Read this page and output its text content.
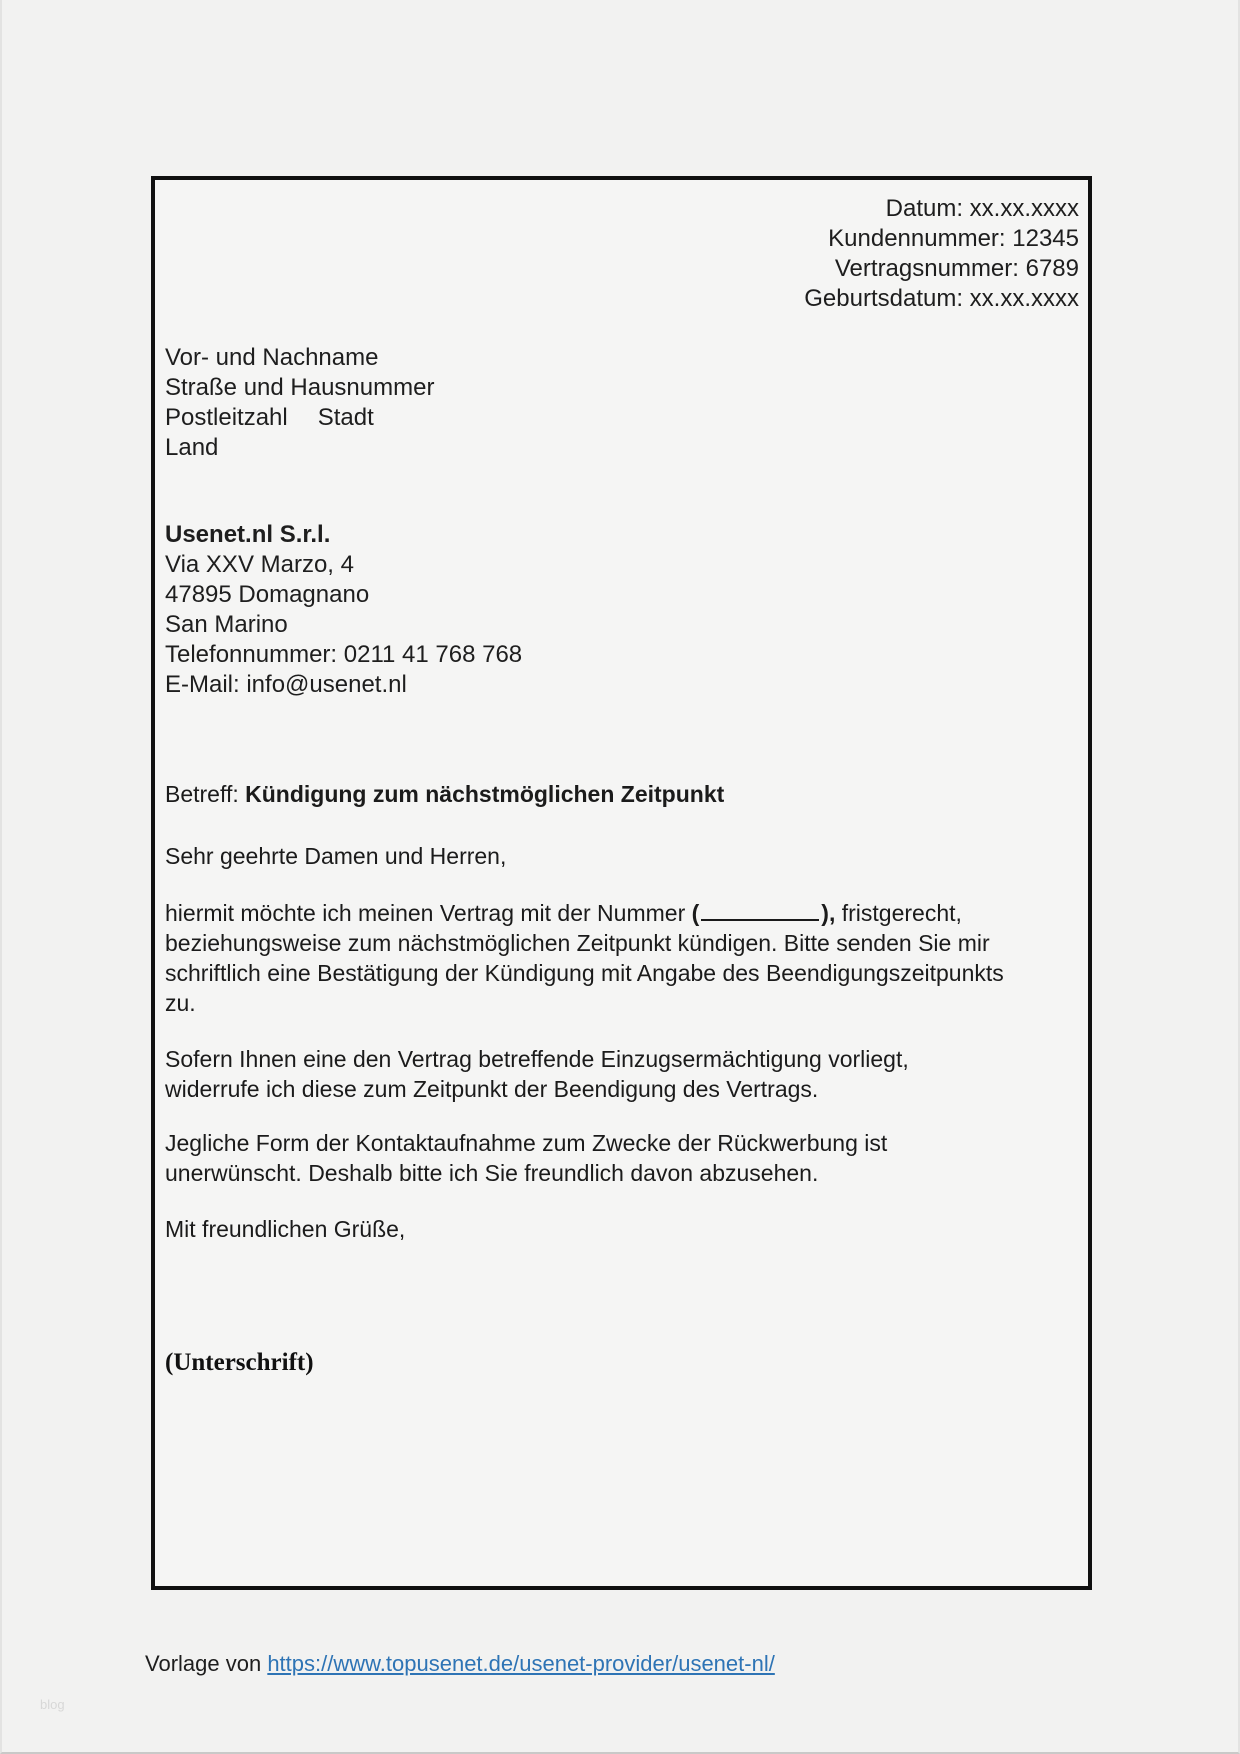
Datum: xx.xx.xxxx
Kundennummer: 12345
Vertragsnummer: 6789
Geburtsdatum: xx.xx.xxxx
Vor- und Nachname
Straße und Hausnummer
Postleitzahl Stadt
Land
Usenet.nl S.r.l.
Via XXV Marzo, 4
47895 Domagnano
San Marino
Telefonnummer: 0211 41 768 768
E-Mail: info@usenet.nl
Betreff: Kündigung zum nächstmöglichen Zeitpunkt
Sehr geehrte Damen und Herren,
hiermit möchte ich meinen Vertrag mit der Nummer (	), fristgerecht,
beziehungsweise zum nächstmöglichen Zeitpunkt kündigen. Bitte senden Sie mir
schriftlich eine Bestätigung der Kündigung mit Angabe des Beendigungszeitpunkts
zu.
Sofern Ihnen eine den Vertrag betreffende Einzugsermächtigung vorliegt,
widerrufe ich diese zum Zeitpunkt der Beendigung des Vertrags.
Jegliche Form der Kontaktaufnahme zum Zwecke der Rückwerbung ist
unerwünscht. Deshalb bitte ich Sie freundlich davon abzusehen.
Mit freundlichen Grüße,
(Unterschrift)
Vorlage von https://www.topusenet.de/usenet-provider/usenet-nl/
blog
